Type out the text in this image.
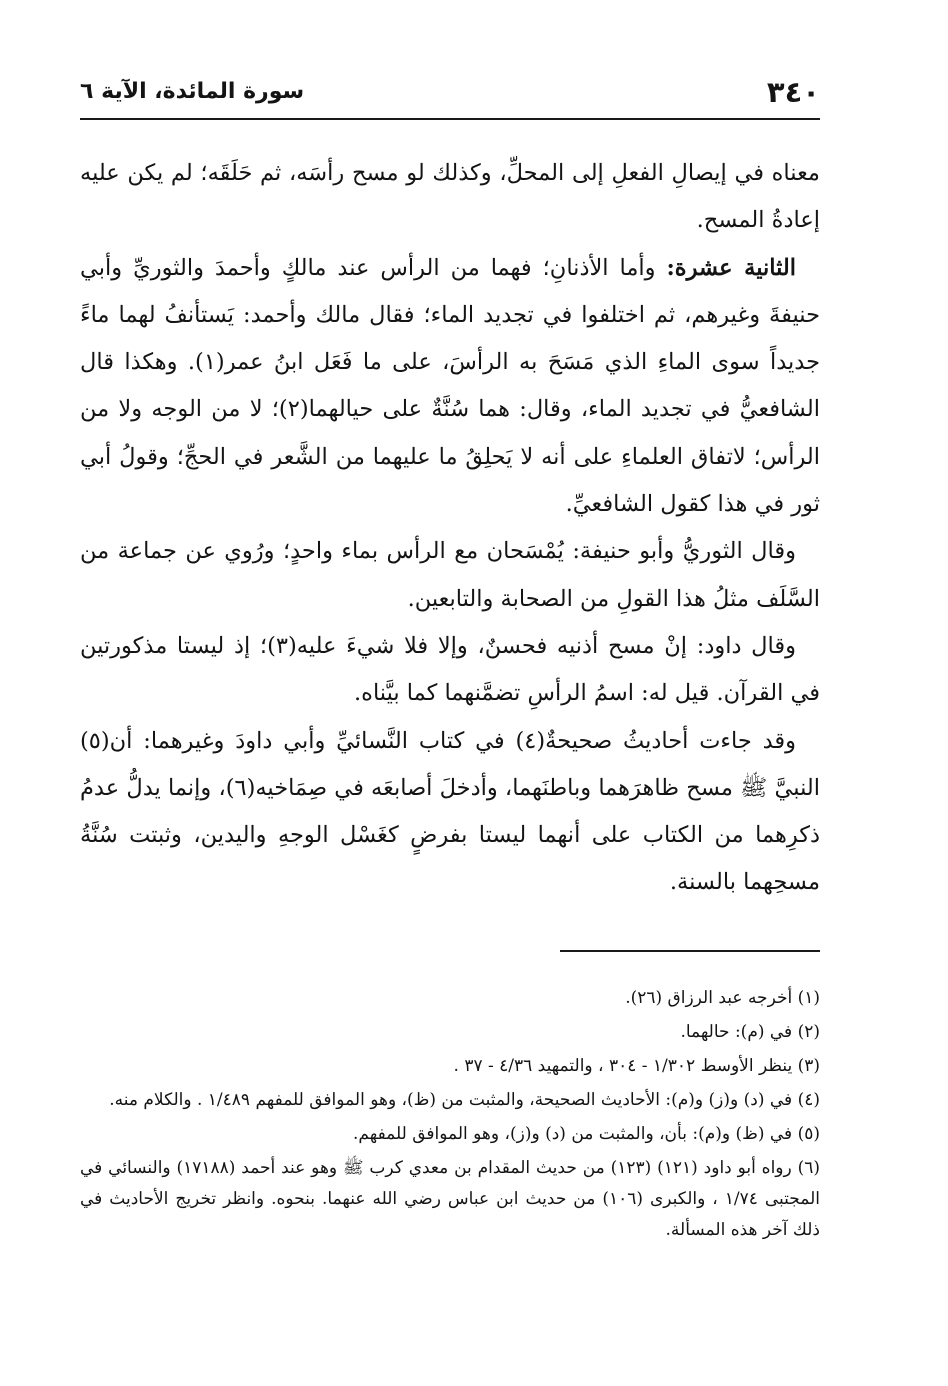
٣٤٠
سورة المائدة، الآية ٦

معناه في إيصالِ الفعلِ إلى المحلِّ، وكذلك لو مسح رأسَه، ثم حَلَقَه؛ لم يكن عليه إعادةُ المسح.

الثانية عشرة: وأما الأذنانِ؛ فهما من الرأس عند مالكٍ وأحمدَ والثوريِّ وأبي حنيفةَ وغيرهم، ثم اختلفوا في تجديد الماء؛ فقال مالك وأحمد: يَستأنفُ لهما ماءً جديداً سوى الماءِ الذي مَسَحَ به الرأسَ، على ما فَعَل ابنُ عمر(١). وهكذا قال الشافعيُّ في تجديد الماء، وقال: هما سُنَّةٌ على حيالهما(٢)؛ لا من الوجه ولا من الرأس؛ لاتفاق العلماءِ على أنه لا يَحلِقُ ما عليهما من الشَّعر في الحجِّ؛ وقولُ أبي ثور في هذا كقول الشافعيِّ.

وقال الثوريُّ وأبو حنيفة: يُمْسَحان مع الرأس بماء واحدٍ؛ ورُوي عن جماعة من السَّلَف مثلُ هذا القولِ من الصحابة والتابعين.

وقال داود: إنْ مسح أذنيه فحسنٌ، وإلا فلا شيءَ عليه(٣)؛ إذ ليستا مذكورتين في القرآن. قيل له: اسمُ الرأسِ تضمَّنهما كما بيَّناه.

وقد جاءت أحاديثُ صحيحةٌ(٤) في كتاب النَّسائيِّ وأبي داودَ وغيرهما: أن(٥) النبيَّ ﷺ مسح ظاهرَهما وباطنَهما، وأدخلَ أصابعَه في صِمَاخيه(٦)، وإنما يدلُّ عدمُ ذكرِهما من الكتاب على أنهما ليستا بفرضٍ كغَسْل الوجهِ واليدين، وثبتت سُنَّةُ مسحِهما بالسنة.

(١) أخرجه عبد الرزاق (٢٦).

(٢) في (م): حالهما.

(٣) ينظر الأوسط ١/٣٠٢ - ٣٠٤ ، والتمهيد ٤/٣٦ - ٣٧ .

(٤) في (د) و(ز) و(م): الأحاديث الصحيحة، والمثبت من (ظ)، وهو الموافق للمفهم ١/٤٨٩ . والكلام منه.

(٥) في (ظ) و(م): بأن، والمثبت من (د) و(ز)، وهو الموافق للمفهم.

(٦) رواه أبو داود (١٢١) (١٢٣) من حديث المقدام بن معدي كرب ﷺ وهو عند أحمد (١٧١٨٨) والنسائي في المجتبى ١/٧٤ ، والكبرى (١٠٦) من حديث ابن عباس رضي الله عنهما. بنحوه. وانظر تخريج الأحاديث في ذلك آخر هذه المسألة.
